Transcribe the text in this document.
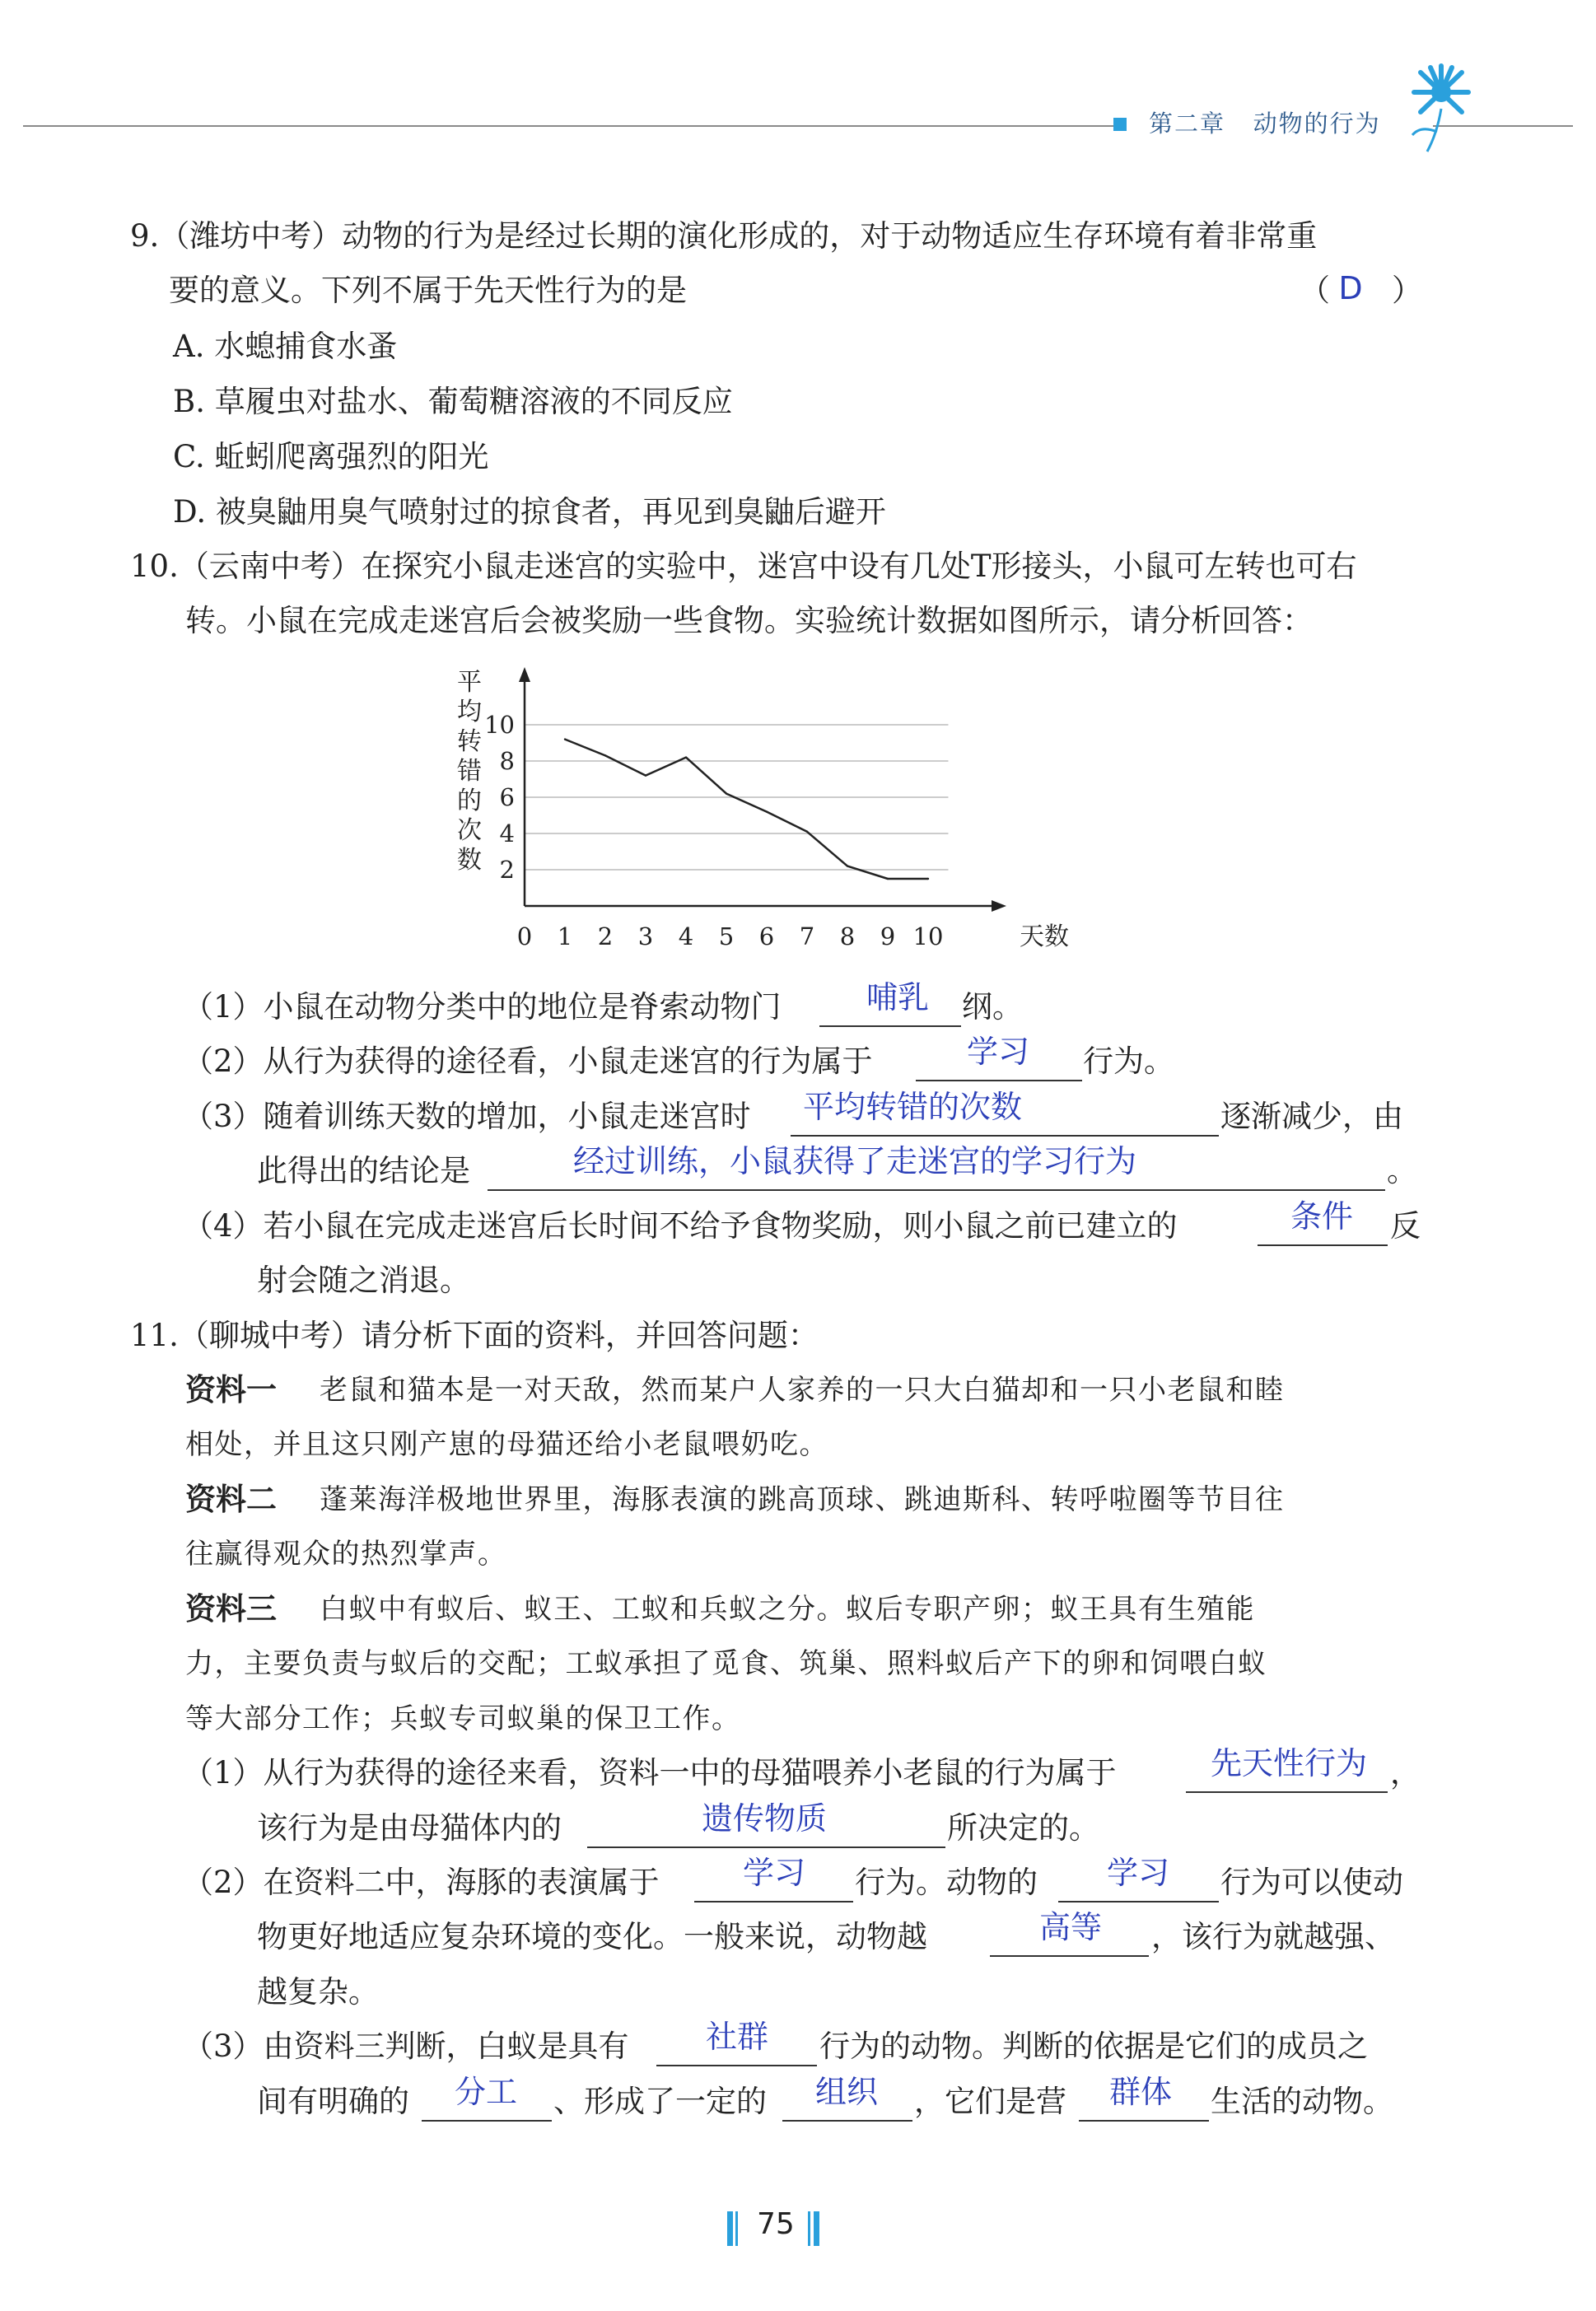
第二章 动物的行为
9.（潍坊中考）动物的行为是经过长期的演化形成的，对于动物适应生存环境有着非常重
要的意义。下列不属于先天性行为的是	（ ）
D
A. 水螅捕食水蚤
B. 草履虫对盐水、葡萄糖溶液的不同反应
C. 蚯蚓爬离强烈的阳光
D. 被臭鼬用臭气喷射过的掠食者，再见到臭鼬后避开
10.（云南中考）在探究小鼠走迷宫的实验中，迷宫中设有几处T形接头，小鼠可左转也可右
转。小鼠在完成走迷宫后会被奖励一些食物。实验统计数据如图所示，请分析回答：
2
4
6
8
10
0 1 2 3 4 5 6 7 8 9 10
平
均
转
错
的
次
数
天数
（1）小鼠在动物分类中的地位是脊索动物门	哺乳 纲。
（2）从行为获得的途径看，小鼠走迷宫的行为属于	学习 行为。
（3）随着训练天数的增加，小鼠走迷宫时 平均转错的次数	逐渐减少，由
此得出的结论是	经过训练，小鼠获得了走迷宫的学习行为	。
（4）若小鼠在完成走迷宫后长时间不给予食物奖励，则小鼠之前已建立的	条件 反
射会随之消退。
11.（聊城中考）请分析下面的资料，并回答问题：
资料一 老鼠和猫本是一对天敌，然而某户人家养的一只大白猫却和一只小老鼠和睦
相处，并且这只刚产崽的母猫还给小老鼠喂奶吃。
资料二 蓬莱海洋极地世界里，海豚表演的跳高顶球、跳迪斯科、转呼啦圈等节目往
往赢得观众的热烈掌声。
资料三 白蚁中有蚁后、蚁王、工蚁和兵蚁之分。蚁后专职产卵；蚁王具有生殖能
力，主要负责与蚁后的交配；工蚁承担了觅食、筑巢、照料蚁后产下的卵和饲喂白蚁
等大部分工作；兵蚁专司蚁巢的保卫工作。
（1）从行为获得的途径来看，资料一中的母猫喂养小老鼠的行为属于	先天性行为 ，
该行为是由母猫体内的	遗传物质	所决定的。
（2）在资料二中，海豚的表演属于	学习 行为。动物的 学习 行为可以使动
物更好地适应复杂环境的变化。一般来说，动物越	高等 ，该行为就越强、
越复杂。
（3）由资料三判断，白蚁是具有 社群 行为的动物。判断的依据是它们的成员之
间有明确的 分工 、形成了一定的 组织 ，它们是营 群体 生活的动物。
75
